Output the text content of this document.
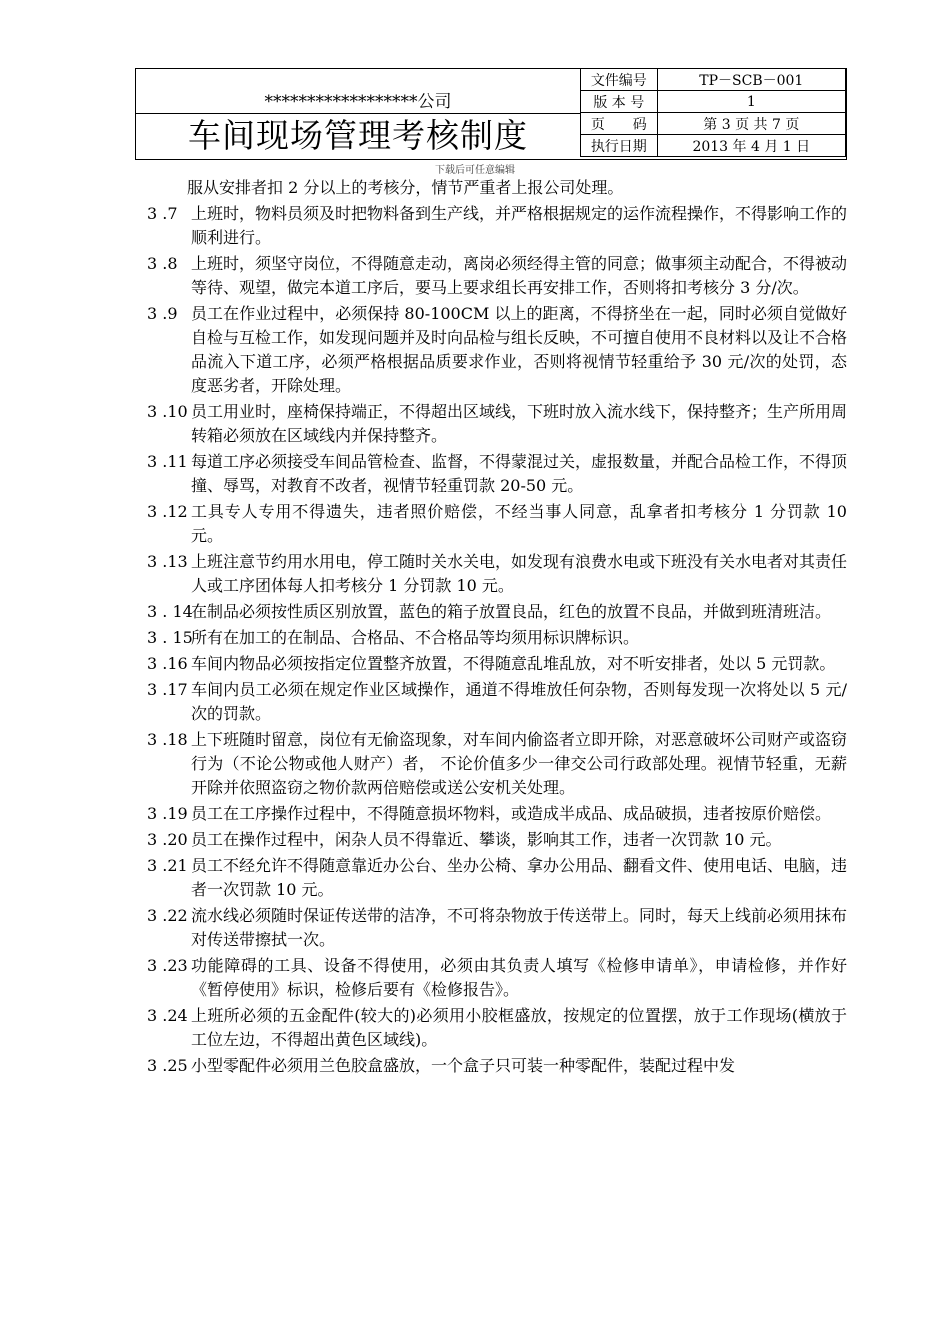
******************公司
车间现场管理考核制度
文件编号	TP－SCB－001
版 本 号	1
页　　码	第 3 页 共 7 页
执行日期	2013 年 4 月 1 日
下载后可任意编辑

服从安排者扣 2 分以上的考核分，情节严重者上报公司处理。

3 .7 上班时，物料员须及时把物料备到生产线，并严格根据规定的运作流程操作，不得影响工作的顺利进行。
3 .8 上班时，须坚守岗位，不得随意走动，离岗必须经得主管的同意；做事须主动配合，不得被动等待、观望，做完本道工序后，要马上要求组长再安排工作，否则将扣考核分 3 分/次。
3 .9 员工在作业过程中，必须保持 80-100CM 以上的距离，不得挤坐在一起，同时必须自觉做好自检与互检工作，如发现问题并及时向品检与组长反映，不可擅自使用不良材料以及让不合格品流入下道工序，必须严格根据品质要求作业，否则将视情节轻重给予 30 元/次的处罚，态度恶劣者，开除处理。
3 .10 员工用业时，座椅保持端正，不得超出区域线，下班时放入流水线下，保持整齐；生产所用周转箱必须放在区域线内并保持整齐。
3 .11 每道工序必须接受车间品管检查、监督，不得蒙混过关，虚报数量，并配合品检工作，不得顶撞、辱骂，对教育不改者，视情节轻重罚款 20-50 元。
3 .12 工具专人专用不得遗失，违者照价赔偿，不经当事人同意，乱拿者扣考核分 1 分罚款 10 元。
3 .13 上班注意节约用水用电，停工随时关水关电，如发现有浪费水电或下班没有关水电者对其责任人或工序团体每人扣考核分 1 分罚款 10 元。
3 . 14
在制品必须按性质区别放置，蓝色的箱子放置良品，红色的放置不良品，并做到班清班洁。
3 . 15
所有在加工的在制品、合格品、不合格品等均须用标识牌标识。
3 .16 车间内物品必须按指定位置整齐放置，不得随意乱堆乱放，对不听安排者，处以 5 元罚款。
3 .17 车间内员工必须在规定作业区域操作，通道不得堆放任何杂物，否则每发现一次将处以 5 元/次的罚款。
3 .18 上下班随时留意，岗位有无偷盗现象，对车间内偷盗者立即开除，对恶意破坏公司财产或盗窃行为（不论公物或他人财产）者， 不论价值多少一律交公司行政部处理。视情节轻重，无薪开除并依照盗窃之物价款两倍赔偿或送公安机关处理。
3 .19 员工在工序操作过程中，不得随意损坏物料，或造成半成品、成品破损，违者按原价赔偿。
3 .20 员工在操作过程中，闲杂人员不得靠近、攀谈，影响其工作，违者一次罚款 10 元。
3 .21 员工不经允许不得随意靠近办公台、坐办公椅、拿办公用品、翻看文件、使用电话、电脑，违者一次罚款 10 元。
3 .22 流水线必须随时保证传送带的洁净，不可将杂物放于传送带上。同时，每天上线前必须用抹布对传送带擦拭一次。
3 .23 功能障碍的工具、设备不得使用，必须由其负责人填写《检修申请单》，申请检修，并作好《暂停使用》标识，检修后要有《检修报告》。
3 .24 上班所必须的五金配件(较大的)必须用小胶框盛放，按规定的位置摆，放于工作现场(横放于工位左边，不得超出黄色区域线)。
3 .25 小型零配件必须用兰色胶盒盛放，一个盒子只可装一种零配件，装配过程中发
